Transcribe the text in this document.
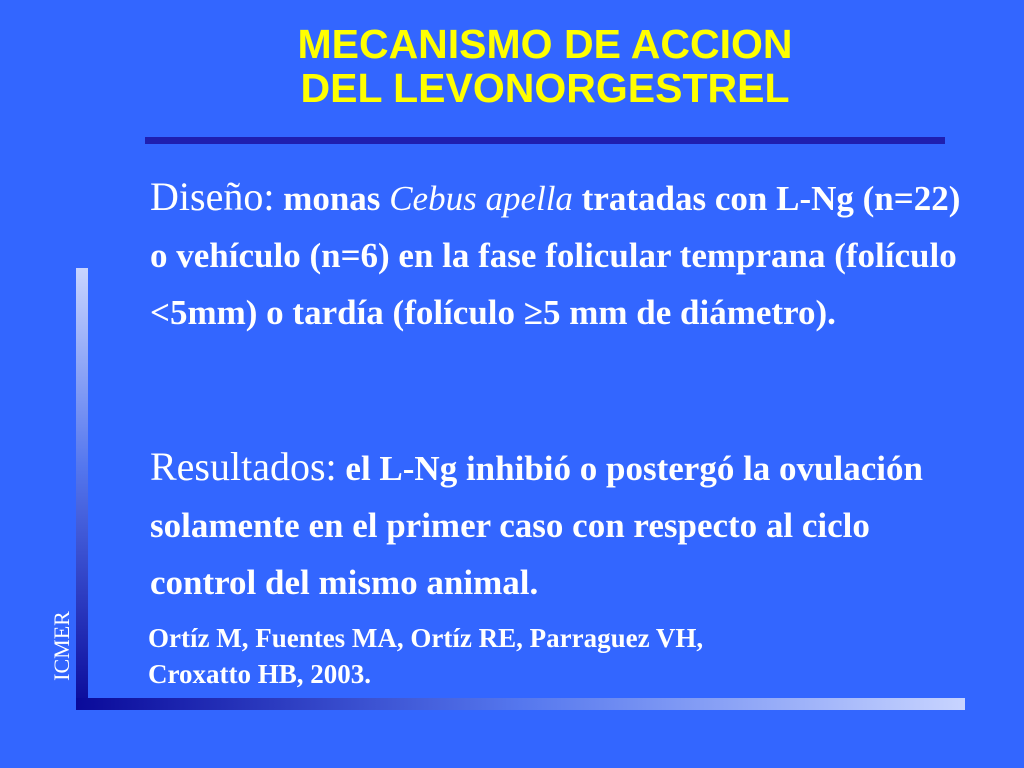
MECANISMO DE ACCION
DEL LEVONORGESTREL
ICMER
Diseño: monas Cebus apella tratadas con L-Ng (n=22) o vehículo (n=6) en la fase folicular temprana (folículo <5mm) o tardía (folículo ≥5 mm de diámetro).
Resultados: el L-Ng inhibió o postergó la ovulación solamente en el primer caso con respecto al ciclo control del mismo animal.
Ortíz M, Fuentes MA, Ortíz RE, Parraguez VH,
Croxatto HB, 2003.
